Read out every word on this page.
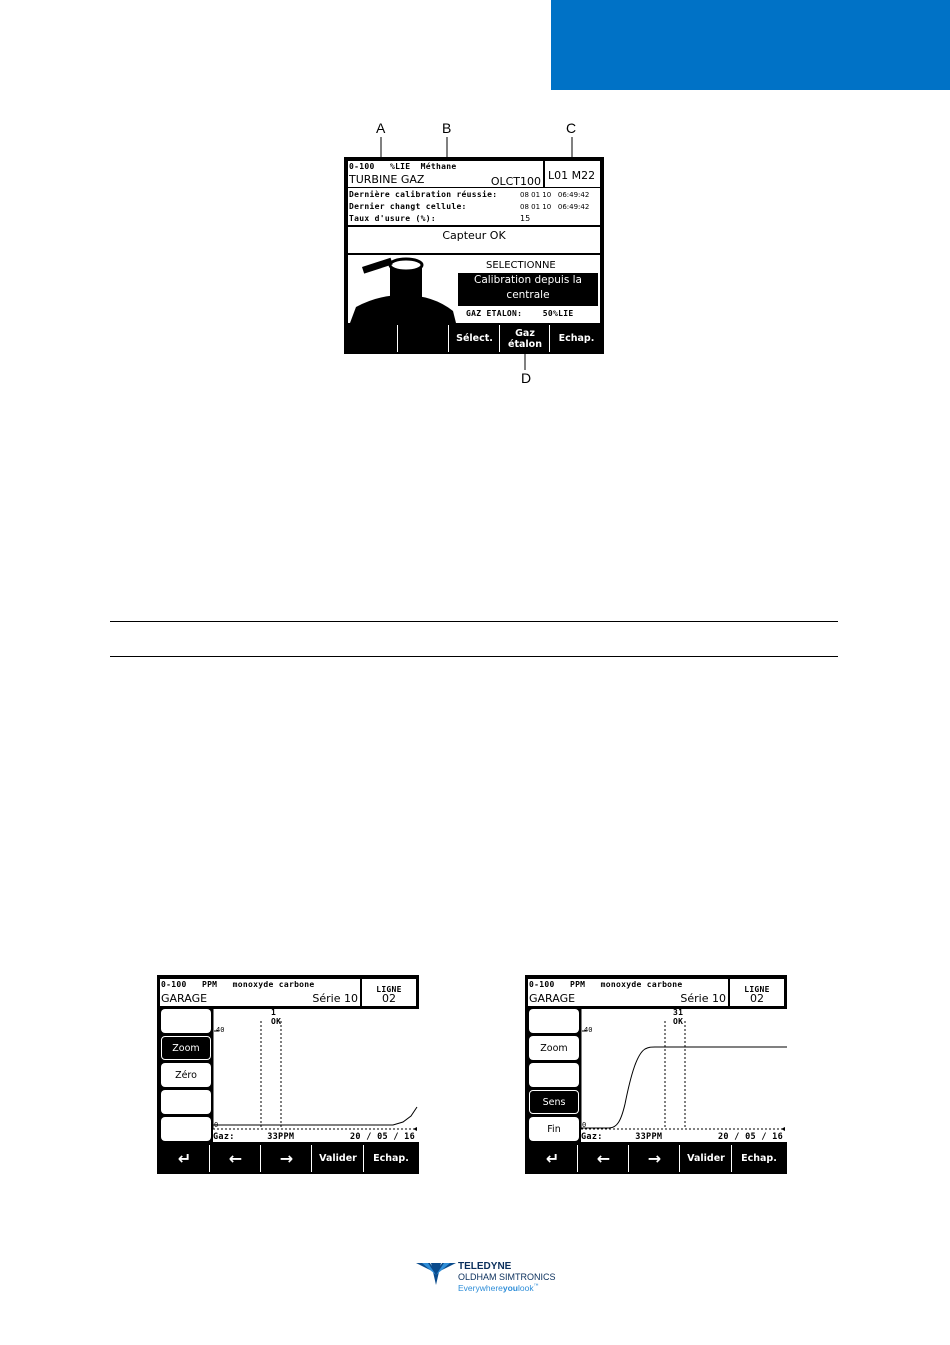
A	B	C
D
0-100 %LIE Méthane
TURBINE GAZ	OLCT100 L01 M22
Dernière calibration réussie:	08 01 10 06:49:42
Dernier changt cellule:	08 01 10 06:49:42
Taux d'usure (%):	15
Capteur OK
SELECTIONNE
Calibration depuis la
centrale
GAZ ETALON:	50%LIE
Sélect.	Gaz étalon	Echap.
0-100 PPM monoxyde carbone
GARAGE	Série 10
LIGNE
02
Zoom
Zéro
40
0
1
OK
Gaz:	33PPM	20 / 05 / 16
↵	←	→	Valider	Echap.
0-100 PPM monoxyde carbone
GARAGE	Série 10
LIGNE
02
Zoom
Sens
Fin
40
0
31
OK
Gaz:	33PPM	20 / 05 / 16
↵	←	→	Valider	Echap.
TELEDYNE
OLDHAM SIMTRONICS
Everywhereyoulook™
